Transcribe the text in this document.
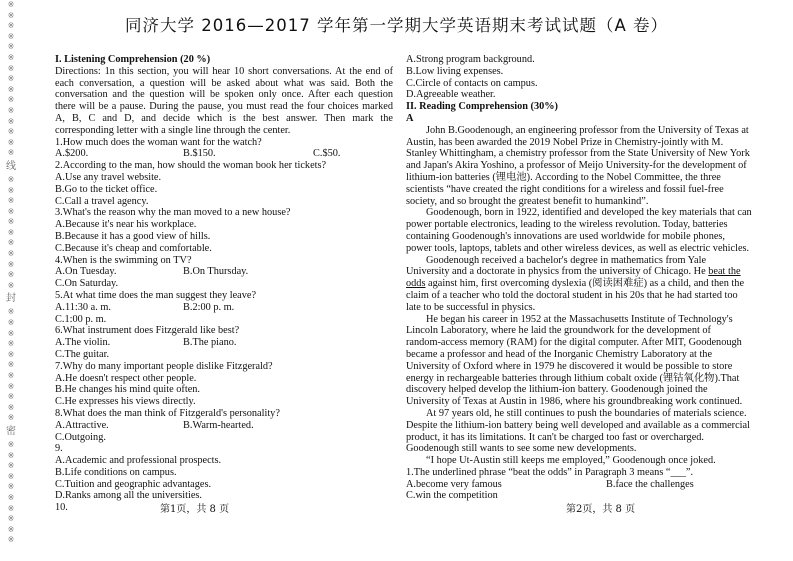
※
※
※
※
※
※
※
※
※
※
※
※
※
※
※
线
※
※
※
※
※
※
※
※
※
※
※
封
※
※
※
※
※
※
※
※
※
※
※
密
※
※
※
※
※
※
※
※
※
※
同济大学 2016—2017 学年第一学期大学英语期末考试试题（A 卷）
I. Listening Comprehension (20 %)
Directions: 1n this section, you will hear 10 short conversations. At the end of
each conversation, a question will be asked about what was said. Both the
conversation and the question will be spoken only once. After each question
there will be a pause. During the pause, you must read the four choices marked
A, B, C and D, and decide which is the best answer. Then mark the
corresponding letter with a single line through the center.
1.How much does the woman want for the watch?
A.$200.	B.$150.	C.$50.
2.According to the man, how should the woman book her tickets?
A.Use any travel website.
B.Go to the ticket office.
C.Call a travel agency.
3.What's the reason why the man moved to a new house?
A.Because it's near his workplace.
B.Because it has a good view of hills.
C.Because it's cheap and comfortable.
4.When is the swimming on TV?
A.On Tuesday.	B.On Thursday.
C.On Saturday.
5.At what time does the man suggest they leave?
A.11:30 a. m.	B.2:00 p. m.
C.1:00 p. m.
6.What instrument does Fitzgerald like best?
A.The violin.	B.The piano.
C.The guitar.
7.Why do many important people dislike Fitzgerald?
A.He doesn't respect other people.
B.He changes his mind quite often.
C.He expresses his views directly.
8.What does the man think of Fitzgerald's personality?
A.Attractive.	B.Warm-hearted.
C.Outgoing.
9.
A.Academic and professional prospects.
B.Life conditions on campus.
C.Tuition and geographic advantages.
D.Ranks among all the universities.
10.	第1页，共 8 页
A.Strong program background.
B.Low living expenses.
C.Circle of contacts on campus.
D.Agreeable weather.
II. Reading Comprehension (30%)
A
John B.Goodenough, an engineering professor from the University of Texas at
Austin, has been awarded the 2019 Nobel Prize in Chemistry-jointly with M.
Stanley Whittingham, a chemistry professor from the State University of New York
and Japan's Akira Yoshino, a professor of Meijo University-for the development of
lithium-ion batteries (锂电池). According to the Nobel Committee, the three
scientists “have created the right conditions for a wireless and fossil fuel-free
society, and so brought the greatest benefit to humankind”.
Goodenough, born in 1922, identified and developed the key materials that can
power portable electronics, leading to the wireless revolution. Today, batteries
containing Goodenough's innovations are used worldwide for mobile phones,
power tools, laptops, tablets and other wireless devices, as well as electric vehicles.
Goodenough received a bachelor's degree in mathematics from Yale
University and a doctorate in physics from the university of Chicago. He beat the
odds against him, first overcoming dyslexia (阅读困难症) as a child, and then the
claim of a teacher who told the doctoral student in his 20s that he had started too
late to be successful in physics.
He began his career in 1952 at the Massachusetts Institute of Technology's
Lincoln Laboratory, where he laid the groundwork for the development of
random-access memory (RAM) for the digital computer. After MIT, Goodenough
became a professor and head of the Inorganic Chemistry Laboratory at the
University of Oxford where in 1979 he discovered it would be possible to store
energy in rechargeable batteries through lithium cobalt oxide (锂钴氧化物).That
discovery helped develop the lithium-ion battery. Goodenough joined the
University of Texas at Austin in 1986, where his groundbreaking work continued.
At 97 years old, he still continues to push the boundaries of materials science.
Despite the lithium-ion battery being well developed and available as a commercial
product, it has its limitations. It can't be charged too fast or overcharged.
Goodenough still wants to see some new developments.
“I hope Ut-Austin still keeps me employed,” Goodenough once joked.
1.The underlined phrase “beat the odds” in Paragraph 3 means “___”.
A.become very famous	B.face the challenges
C.win the competition
第2页，共 8 页
